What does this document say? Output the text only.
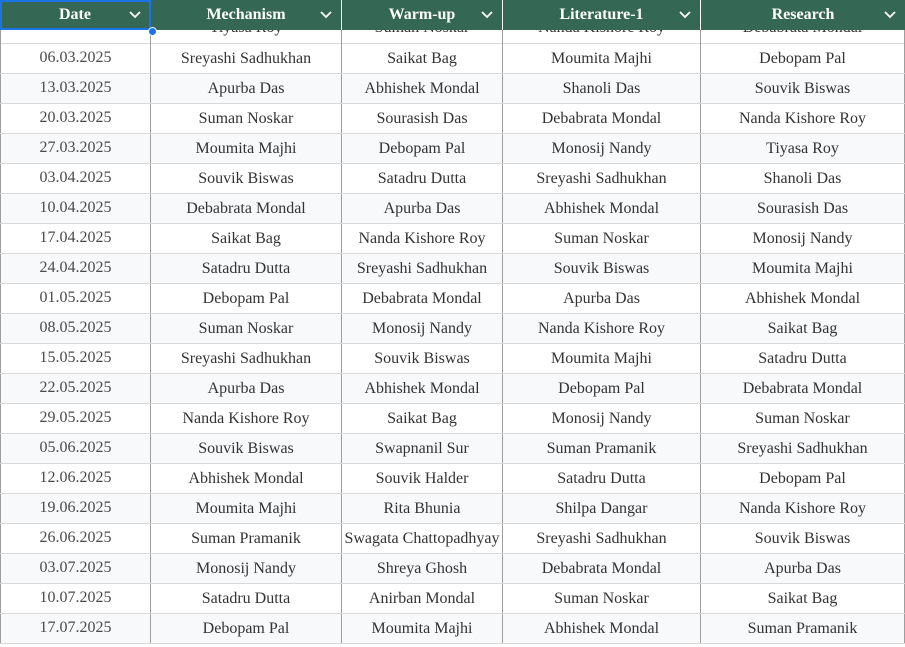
Date	Mechanism	Warm-up	Literature-1	Research
06.03.2025	Sreyashi Sadhukhan	Saikat Bag	Moumita Majhi	Debopam Pal
13.03.2025	Apurba Das	Abhishek Mondal	Shanoli Das	Souvik Biswas
20.03.2025	Suman Noskar	Sourasish Das	Debabrata Mondal	Nanda Kishore Roy
27.03.2025	Moumita Majhi	Debopam Pal	Monosij Nandy	Tiyasa Roy
03.04.2025	Souvik Biswas	Satadru Dutta	Sreyashi Sadhukhan	Shanoli Das
10.04.2025	Debabrata Mondal	Apurba Das	Abhishek Mondal	Sourasish Das
17.04.2025	Saikat Bag	Nanda Kishore Roy	Suman Noskar	Monosij Nandy
24.04.2025	Satadru Dutta	Sreyashi Sadhukhan	Souvik Biswas	Moumita Majhi
01.05.2025	Debopam Pal	Debabrata Mondal	Apurba Das	Abhishek Mondal
08.05.2025	Suman Noskar	Monosij Nandy	Nanda Kishore Roy	Saikat Bag
15.05.2025	Sreyashi Sadhukhan	Souvik Biswas	Moumita Majhi	Satadru Dutta
22.05.2025	Apurba Das	Abhishek Mondal	Debopam Pal	Debabrata Mondal
29.05.2025	Nanda Kishore Roy	Saikat Bag	Monosij Nandy	Suman Noskar
05.06.2025	Souvik Biswas	Swapnanil Sur	Suman Pramanik	Sreyashi Sadhukhan
12.06.2025	Abhishek Mondal	Souvik Halder	Satadru Dutta	Debopam Pal
19.06.2025	Moumita Majhi	Rita Bhunia	Shilpa Dangar	Nanda Kishore Roy
26.06.2025	Suman Pramanik	Swagata Chattopadhyay	Sreyashi Sadhukhan	Souvik Biswas
03.07.2025	Monosij Nandy	Shreya Ghosh	Debabrata Mondal	Apurba Das
10.07.2025	Satadru Dutta	Anirban Mondal	Suman Noskar	Saikat Bag
17.07.2025	Debopam Pal	Moumita Majhi	Abhishek Mondal	Suman Pramanik
